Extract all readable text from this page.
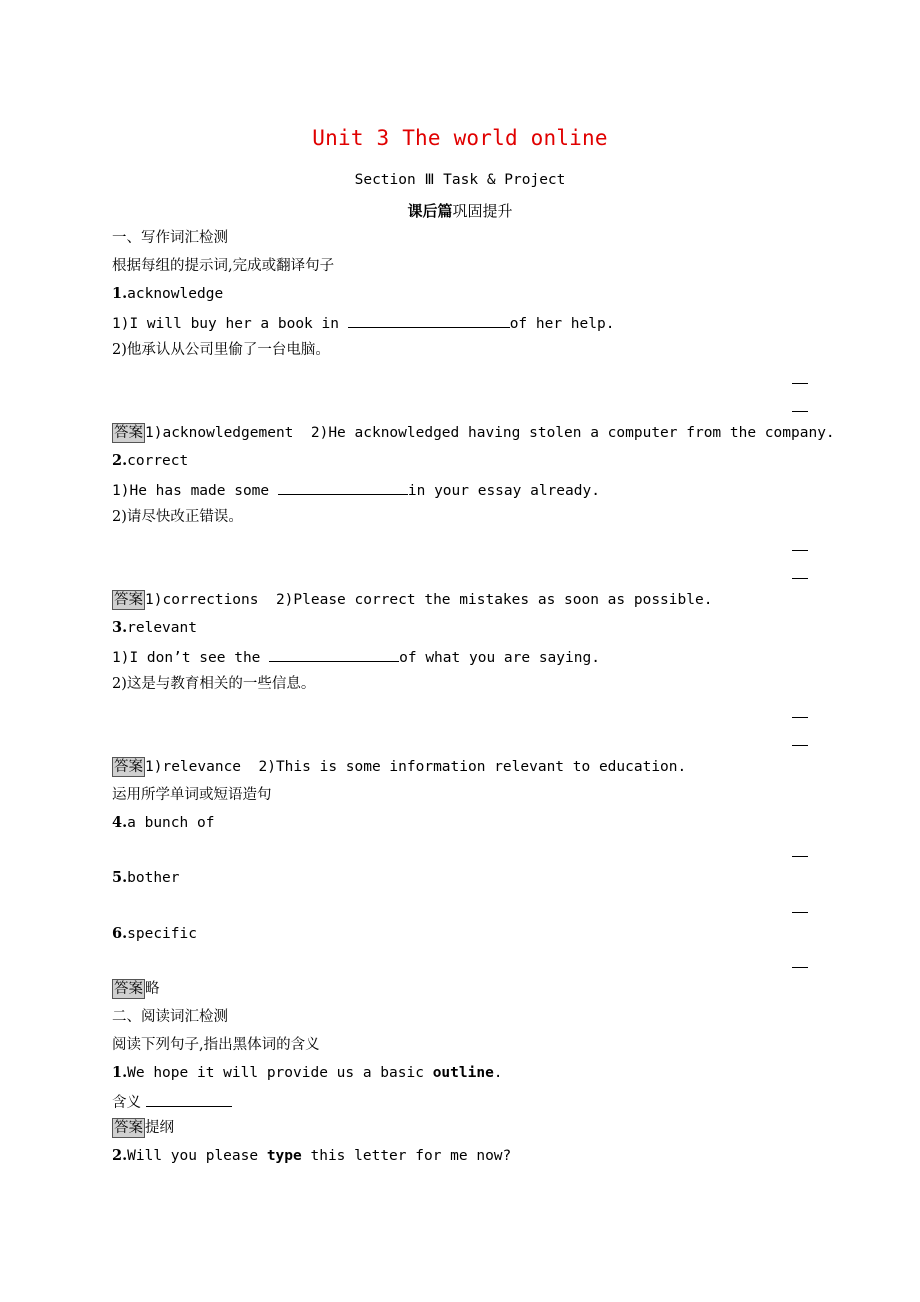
Unit 3 The world online
Section Ⅲ Task & Project
课后篇巩固提升
一、写作词汇检测
根据每组的提示词,完成或翻译句子
1.acknowledge
1)I will buy her a book in	of her help.
2)他承认从公司里偷了一台电脑。
答案 1)acknowledgement  2)He acknowledged having stolen a computer from the company.
2.correct
1)He has made some	in your essay already.
2)请尽快改正错误。
答案 1)corrections  2)Please correct the mistakes as soon as possible.
3.relevant
1)I don’t see the	of what you are saying.
2)这是与教育相关的一些信息。
答案 1)relevance  2)This is some information relevant to education.
运用所学单词或短语造句
4.a bunch of
5.bother
6.specific
答案 略
二、阅读词汇检测
阅读下列句子,指出黑体词的含义
1.We hope it will provide us a basic outline.
含义
答案 提纲
2.Will you please type this letter for me now?
